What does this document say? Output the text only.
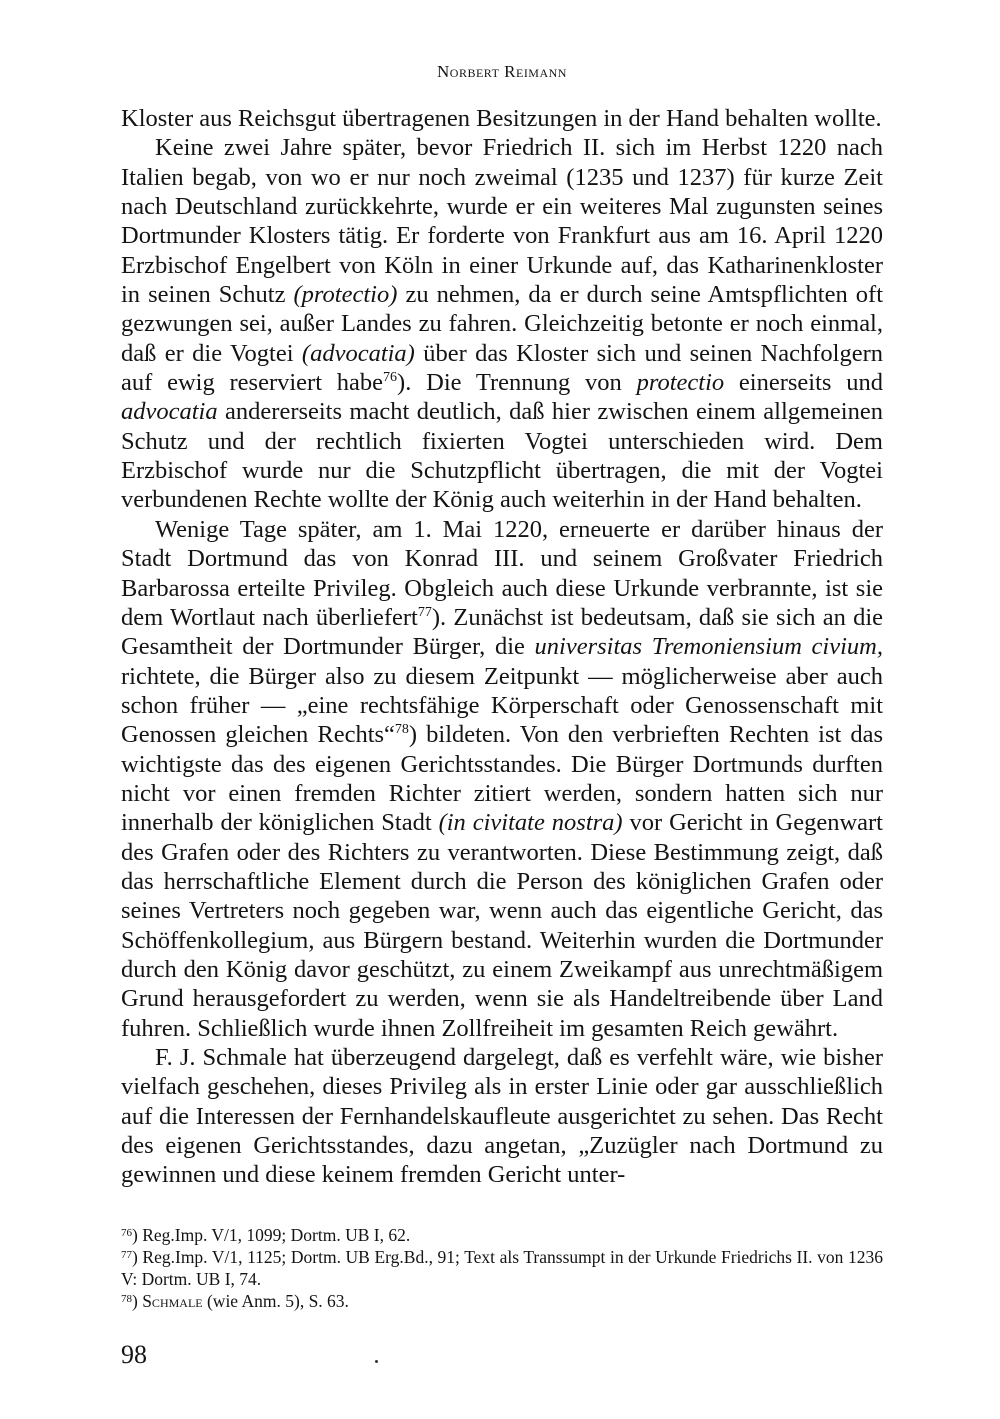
Norbert Reimann

Kloster aus Reichsgut übertragenen Besitzungen in der Hand behalten wollte.

Keine zwei Jahre später, bevor Friedrich II. sich im Herbst 1220 nach Italien begab, von wo er nur noch zweimal (1235 und 1237) für kurze Zeit nach Deutschland zurückkehrte, wurde er ein weiteres Mal zugunsten seines Dortmunder Klosters tätig. Er forderte von Frankfurt aus am 16. April 1220 Erzbischof Engelbert von Köln in einer Urkunde auf, das Katharinenkloster in seinen Schutz (protectio) zu nehmen, da er durch seine Amtspflichten oft gezwungen sei, außer Landes zu fahren. Gleichzeitig betonte er noch einmal, daß er die Vogtei (advocatia) über das Kloster sich und seinen Nachfolgern auf ewig reserviert habe$^{76}$). Die Trennung von protectio einerseits und advocatia andererseits macht deutlich, daß hier zwischen einem allgemeinen Schutz und der rechtlich fixierten Vogtei unterschieden wird. Dem Erzbischof wurde nur die Schutzpflicht übertragen, die mit der Vogtei verbundenen Rechte wollte der König auch weiterhin in der Hand behalten.

Wenige Tage später, am 1. Mai 1220, erneuerte er darüber hinaus der Stadt Dortmund das von Konrad III. und seinem Großvater Friedrich Barbarossa erteilte Privileg. Obgleich auch diese Urkunde verbrannte, ist sie dem Wortlaut nach überliefert$^{77}$). Zunächst ist bedeutsam, daß sie sich an die Gesamtheit der Dortmunder Bürger, die universitas Tremoniensium civium, richtete, die Bürger also zu diesem Zeitpunkt — möglicherweise aber auch schon früher — „eine rechtsfähige Körperschaft oder Genossenschaft mit Genossen gleichen Rechts“$^{78}$) bildeten. Von den verbrieften Rechten ist das wichtigste das des eigenen Gerichtsstandes. Die Bürger Dortmunds durften nicht vor einen fremden Richter zitiert werden, sondern hatten sich nur innerhalb der königlichen Stadt (in civitate nostra) vor Gericht in Gegenwart des Grafen oder des Richters zu verantworten. Diese Bestimmung zeigt, daß das herrschaftliche Element durch die Person des königlichen Grafen oder seines Vertreters noch gegeben war, wenn auch das eigentliche Gericht, das Schöffenkollegium, aus Bürgern bestand. Weiterhin wurden die Dortmunder durch den König davor geschützt, zu einem Zweikampf aus unrechtmäßigem Grund herausgefordert zu werden, wenn sie als Handeltreibende über Land fuhren. Schließlich wurde ihnen Zollfreiheit im gesamten Reich gewährt.

F. J. Schmale hat überzeugend dargelegt, daß es verfehlt wäre, wie bisher vielfach geschehen, dieses Privileg als in erster Linie oder gar ausschließlich auf die Interessen der Fernhandelskaufleute ausgerichtet zu sehen. Das Recht des eigenen Gerichtsstandes, dazu angetan, „Zuzügler nach Dortmund zu gewinnen und diese keinem fremden Gericht unter-

$^{76}$) Reg.Imp. V/1, 1099; Dortm. UB I, 62.

$^{77}$) Reg.Imp. V/1, 1125; Dortm. UB Erg.Bd., 91; Text als Transsumpt in der Urkunde Friedrichs II. von 1236 V: Dortm. UB I, 74.

$^{78}$) Schmale (wie Anm. 5), S. 63.

98
